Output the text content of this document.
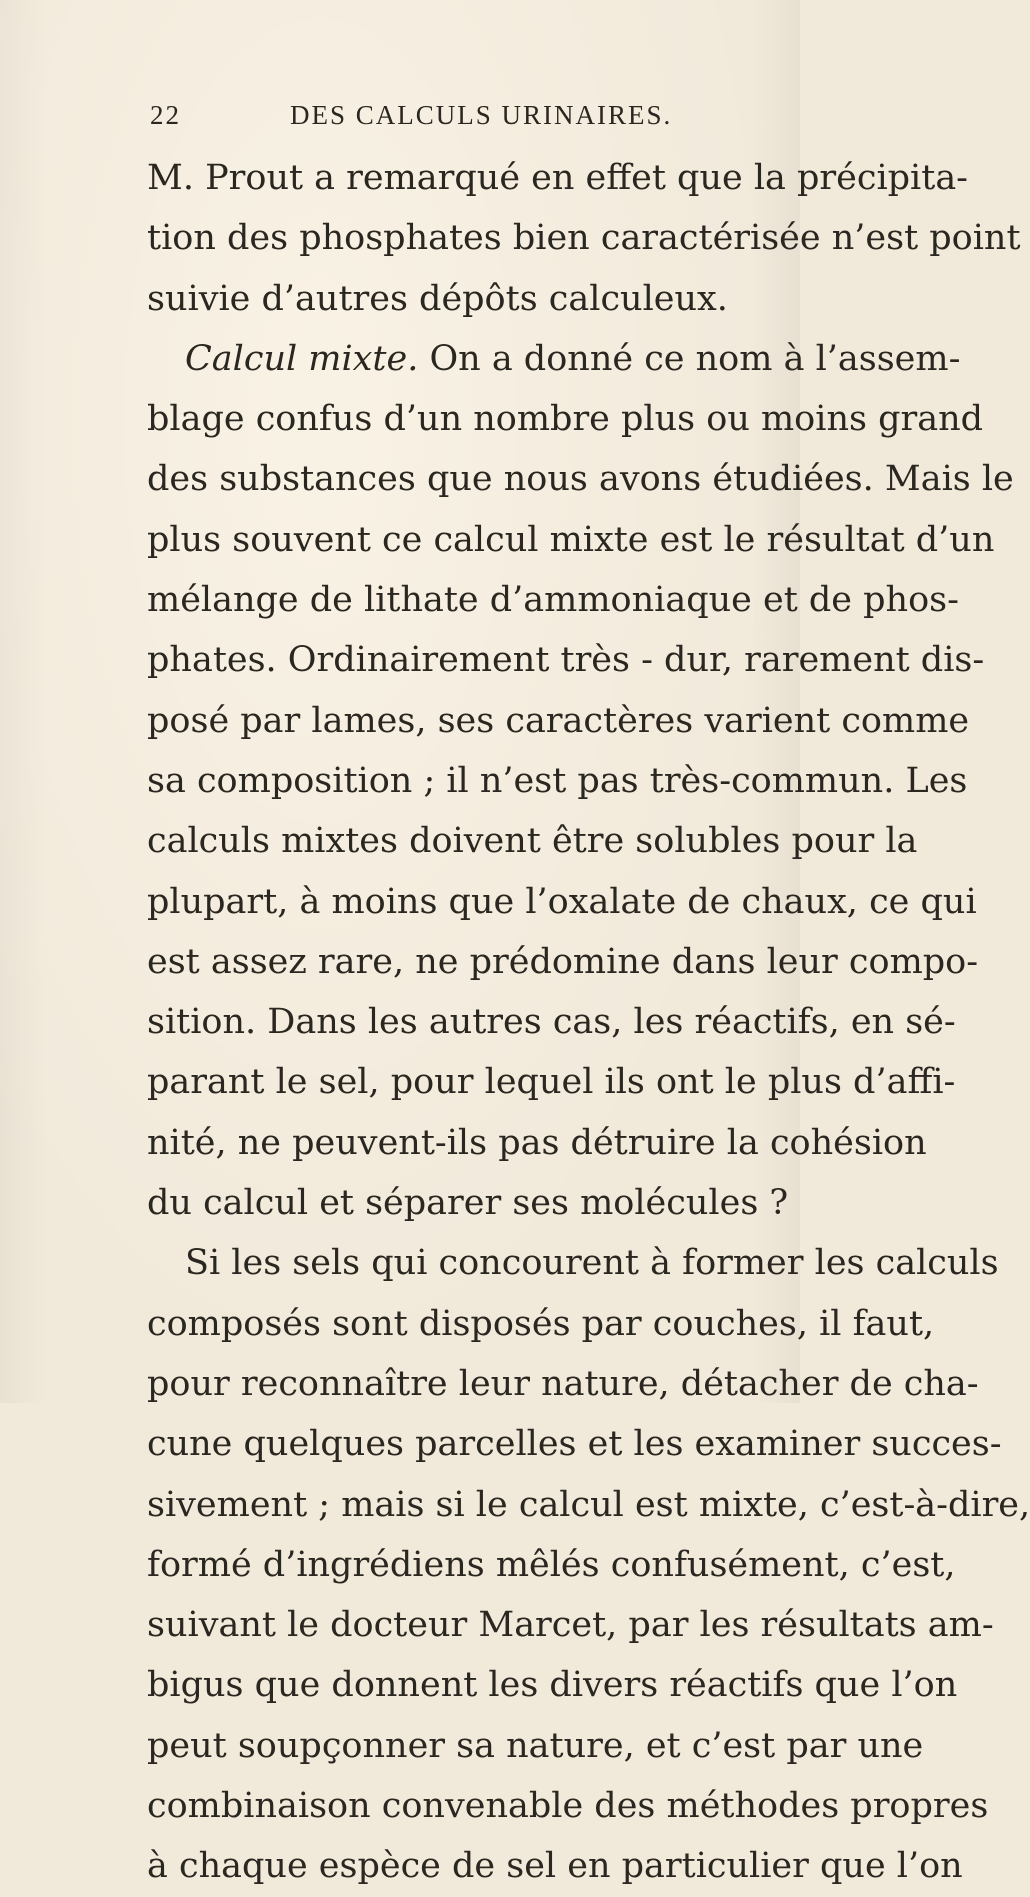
22	DES CALCULS URINAIRES.
M. Prout a remarqué en effet que la précipita-
tion des phosphates bien caractérisée n’est point
suivie d’autres dépôts calculeux.
Calcul mixte. On a donné ce nom à l’assem-
blage confus d’un nombre plus ou moins grand
des substances que nous avons étudiées. Mais le
plus souvent ce calcul mixte est le résultat d’un
mélange de lithate d’ammoniaque et de phos-
phates. Ordinairement très - dur, rarement dis-
posé par lames, ses caractères varient comme
sa composition ; il n’est pas très-commun. Les
calculs mixtes doivent être solubles pour la
plupart, à moins que l’oxalate de chaux, ce qui
est assez rare, ne prédomine dans leur compo-
sition. Dans les autres cas, les réactifs, en sé-
parant le sel, pour lequel ils ont le plus d’affi-
nité, ne peuvent-ils pas détruire la cohésion
du calcul et séparer ses molécules ?
Si les sels qui concourent à former les calculs
composés sont disposés par couches, il faut,
pour reconnaître leur nature, détacher de cha-
cune quelques parcelles et les examiner succes-
sivement ; mais si le calcul est mixte, c’est-à-dire,
formé d’ingrédiens mêlés confusément, c’est,
suivant le docteur Marcet, par les résultats am-
bigus que donnent les divers réactifs que l’on
peut soupçonner sa nature, et c’est par une
combinaison convenable des méthodes propres
à chaque espèce de sel en particulier que l’on
